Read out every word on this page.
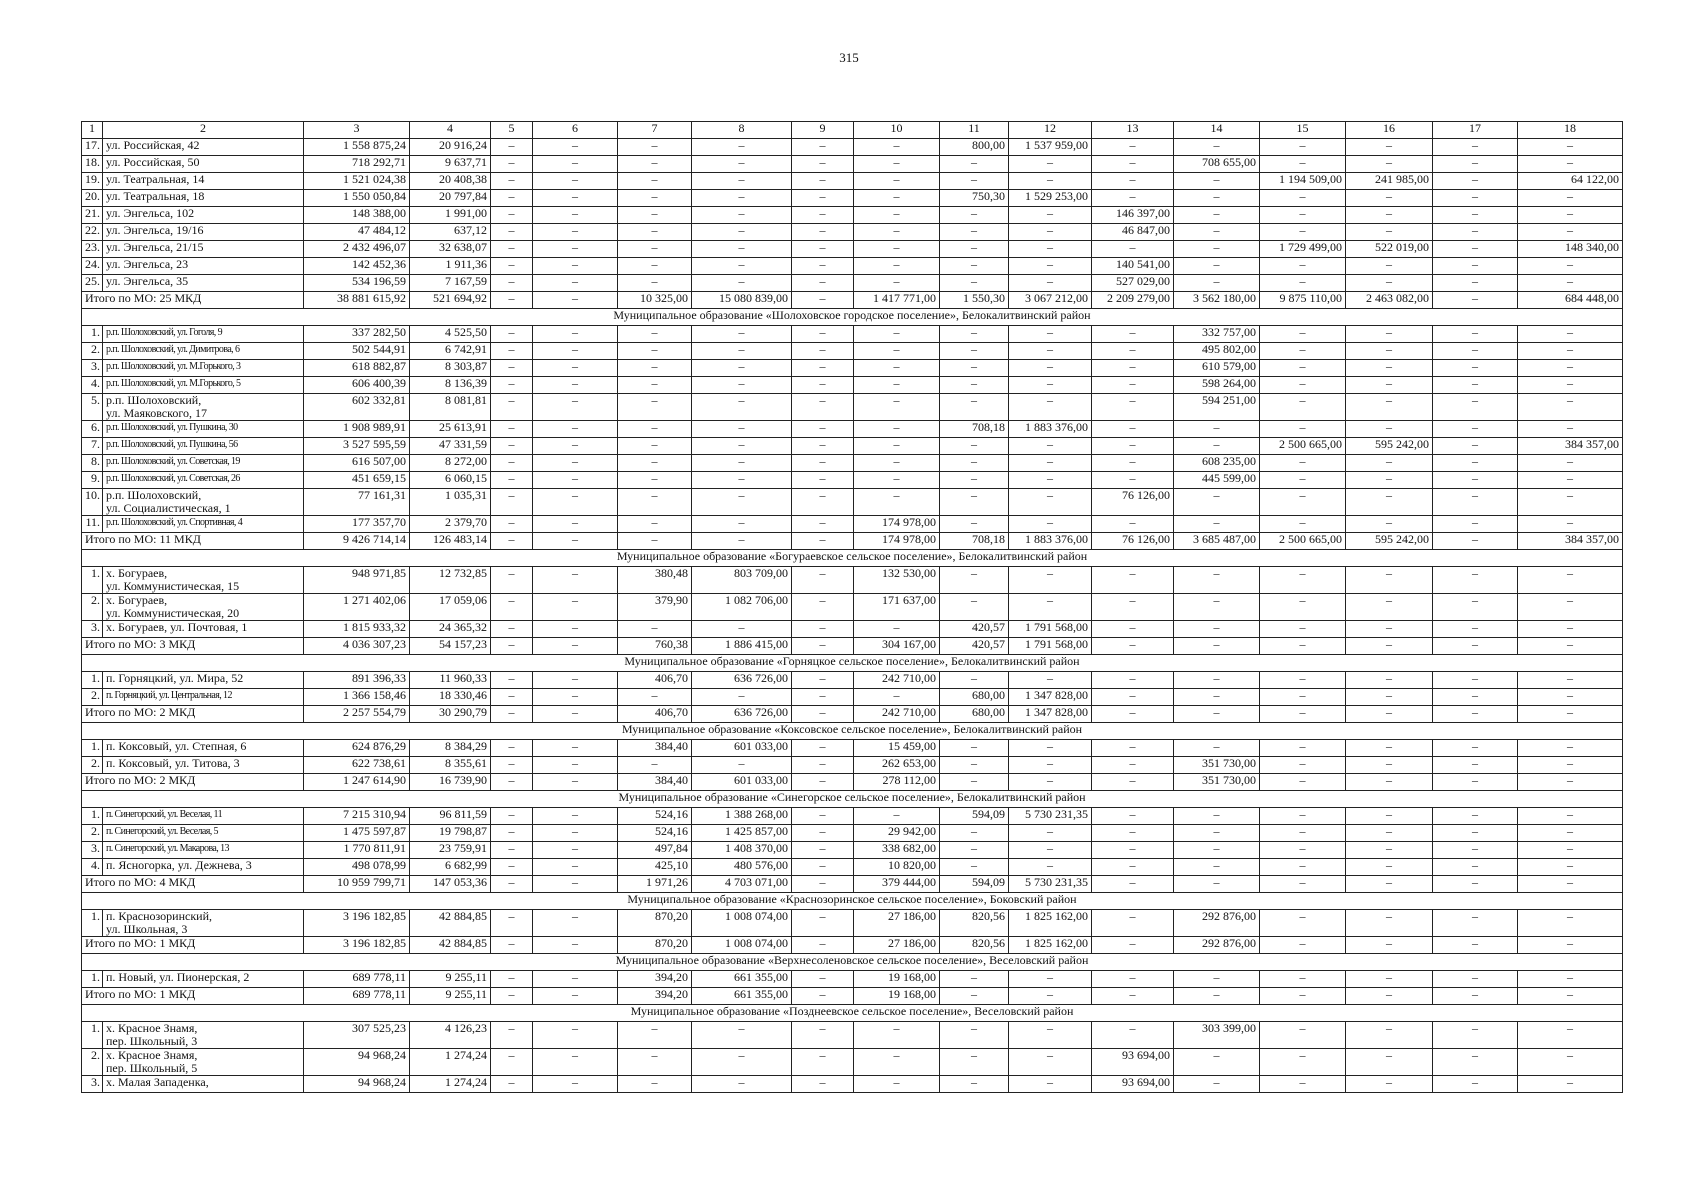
315
1	2	3	4	5	6	7	8	9	10	11	12	13	14	15	16	17	18
17.	ул. Российская, 42	1 558 875,24	20 916,24	–	–	–	–	–	–	800,00	1 537 959,00	–	–	–	–	–	–
18.	ул. Российская, 50	718 292,71	9 637,71	–	–	–	–	–	–	–	–	–	708 655,00	–	–	–	–
19.	ул. Театральная, 14	1 521 024,38	20 408,38	–	–	–	–	–	–	–	–	–	–	1 194 509,00	241 985,00	–	64 122,00
20.	ул. Театральная, 18	1 550 050,84	20 797,84	–	–	–	–	–	–	750,30	1 529 253,00	–	–	–	–	–	–
21.	ул. Энгельса, 102	148 388,00	1 991,00	–	–	–	–	–	–	–	–	146 397,00	–	–	–	–	–
22.	ул. Энгельса, 19/16	47 484,12	637,12	–	–	–	–	–	–	–	–	46 847,00	–	–	–	–	–
23.	ул. Энгельса, 21/15	2 432 496,07	32 638,07	–	–	–	–	–	–	–	–	–	–	1 729 499,00	522 019,00	–	148 340,00
24.	ул. Энгельса, 23	142 452,36	1 911,36	–	–	–	–	–	–	–	–	140 541,00	–	–	–	–	–
25.	ул. Энгельса, 35	534 196,59	7 167,59	–	–	–	–	–	–	–	–	527 029,00	–	–	–	–	–
Итого по МО: 25 МКД		38 881 615,92	521 694,92	–	–	10 325,00	15 080 839,00	–	1 417 771,00	1 550,30	3 067 212,00	2 209 279,00	3 562 180,00	9 875 110,00	2 463 082,00	–	684 448,00
Муниципальное образование «Шолоховское городское поселение», Белокалитвинский район																	
1.	р.п. Шолоховский, ул. Гоголя, 9	337 282,50	4 525,50	–	–	–	–	–	–	–	–	–	332 757,00	–	–	–	–
2.	р.п. Шолоховский, ул. Димитрова, 6	502 544,91	6 742,91	–	–	–	–	–	–	–	–	–	495 802,00	–	–	–	–
3.	р.п. Шолоховский, ул. М.Горького, 3	618 882,87	8 303,87	–	–	–	–	–	–	–	–	–	610 579,00	–	–	–	–
4.	р.п. Шолоховский, ул. М.Горького, 5	606 400,39	8 136,39	–	–	–	–	–	–	–	–	–	598 264,00	–	–	–	–
5.	р.п. Шолоховский,
ул. Маяковского, 17	602 332,81	8 081,81	–	–	–	–	–	–	–	–	–	594 251,00	–	–	–	–
6.	р.п. Шолоховский, ул. Пушкина, 30	1 908 989,91	25 613,91	–	–	–	–	–	–	708,18	1 883 376,00	–	–	–	–	–	–
7.	р.п. Шолоховский, ул. Пушкина, 56	3 527 595,59	47 331,59	–	–	–	–	–	–	–	–	–	–	2 500 665,00	595 242,00	–	384 357,00
8.	р.п. Шолоховский, ул. Советская, 19	616 507,00	8 272,00	–	–	–	–	–	–	–	–	–	608 235,00	–	–	–	–
9.	р.п. Шолоховский, ул. Советская, 26	451 659,15	6 060,15	–	–	–	–	–	–	–	–	–	445 599,00	–	–	–	–
10.	р.п. Шолоховский,
ул. Социалистическая, 1	77 161,31	1 035,31	–	–	–	–	–	–	–	–	76 126,00	–	–	–	–	–
11.	р.п. Шолоховский, ул. Спортивная, 4	177 357,70	2 379,70	–	–	–	–	–	174 978,00	–	–	–	–	–	–	–	–
Итого по МО: 11 МКД		9 426 714,14	126 483,14	–	–	–	–	–	174 978,00	708,18	1 883 376,00	76 126,00	3 685 487,00	2 500 665,00	595 242,00	–	384 357,00
Муниципальное образование «Богураевское сельское поселение», Белокалитвинский район																	
1.	х. Богураев,
ул. Коммунистическая, 15	948 971,85	12 732,85	–	–	380,48	803 709,00	–	132 530,00	–	–	–	–	–	–	–	–
2.	х. Богураев,
ул. Коммунистическая, 20	1 271 402,06	17 059,06	–	–	379,90	1 082 706,00	–	171 637,00	–	–	–	–	–	–	–	–
3.	х. Богураев, ул. Почтовая, 1	1 815 933,32	24 365,32	–	–	–	–	–	–	420,57	1 791 568,00	–	–	–	–	–	–
Итого по МО: 3 МКД		4 036 307,23	54 157,23	–	–	760,38	1 886 415,00	–	304 167,00	420,57	1 791 568,00	–	–	–	–	–	–
Муниципальное образование «Горняцкое сельское поселение», Белокалитвинский район																	
1.	п. Горняцкий, ул. Мира, 52	891 396,33	11 960,33	–	–	406,70	636 726,00	–	242 710,00	–	–	–	–	–	–	–	–
2.	п. Горняцкий, ул. Центральная, 12	1 366 158,46	18 330,46	–	–	–	–	–	–	680,00	1 347 828,00	–	–	–	–	–	–
Итого по МО: 2 МКД		2 257 554,79	30 290,79	–	–	406,70	636 726,00	–	242 710,00	680,00	1 347 828,00	–	–	–	–	–	–
Муниципальное образование «Коксовское сельское поселение», Белокалитвинский район																	
1.	п. Коксовый, ул. Степная, 6	624 876,29	8 384,29	–	–	384,40	601 033,00	–	15 459,00	–	–	–	–	–	–	–	–
2.	п. Коксовый, ул. Титова, 3	622 738,61	8 355,61	–	–	–	–	–	262 653,00	–	–	–	351 730,00	–	–	–	–
Итого по МО: 2 МКД		1 247 614,90	16 739,90	–	–	384,40	601 033,00	–	278 112,00	–	–	–	351 730,00	–	–	–	–
Муниципальное образование «Синегорское сельское поселение», Белокалитвинский район																	
1.	п. Синегорский, ул. Веселая, 11	7 215 310,94	96 811,59	–	–	524,16	1 388 268,00	–	–	594,09	5 730 231,35	–	–	–	–	–	–
2.	п. Синегорский, ул. Веселая, 5	1 475 597,87	19 798,87	–	–	524,16	1 425 857,00	–	29 942,00	–	–	–	–	–	–	–	–
3.	п. Синегорский, ул. Макарова, 13	1 770 811,91	23 759,91	–	–	497,84	1 408 370,00	–	338 682,00	–	–	–	–	–	–	–	–
4.	п. Ясногорка, ул. Дежнева, 3	498 078,99	6 682,99	–	–	425,10	480 576,00	–	10 820,00	–	–	–	–	–	–	–	–
Итого по МО: 4 МКД		10 959 799,71	147 053,36	–	–	1 971,26	4 703 071,00	–	379 444,00	594,09	5 730 231,35	–	–	–	–	–	–
Муниципальное образование «Краснозоринское сельское поселение», Боковский район																	
1.	п. Краснозоринский,
ул. Школьная, 3	3 196 182,85	42 884,85	–	–	870,20	1 008 074,00	–	27 186,00	820,56	1 825 162,00	–	292 876,00	–	–	–	–
Итого по МО: 1 МКД		3 196 182,85	42 884,85	–	–	870,20	1 008 074,00	–	27 186,00	820,56	1 825 162,00	–	292 876,00	–	–	–	–
Муниципальное образование «Верхнесоленовское сельское поселение», Веселовский район																	
1.	п. Новый, ул. Пионерская, 2	689 778,11	9 255,11	–	–	394,20	661 355,00	–	19 168,00	–	–	–	–	–	–	–	–
Итого по МО: 1 МКД		689 778,11	9 255,11	–	–	394,20	661 355,00	–	19 168,00	–	–	–	–	–	–	–	–
Муниципальное образование «Позднеевское сельское поселение», Веселовский район																	
1.	х. Красное Знамя,
пер. Школьный, 3	307 525,23	4 126,23	–	–	–	–	–	–	–	–	–	303 399,00	–	–	–	–
2.	х. Красное Знамя,
пер. Школьный, 5	94 968,24	1 274,24	–	–	–	–	–	–	–	–	93 694,00	–	–	–	–	–
3.	х. Малая Западенка,	94 968,24	1 274,24	–	–	–	–	–	–	–	–	93 694,00	–	–	–	–	–
